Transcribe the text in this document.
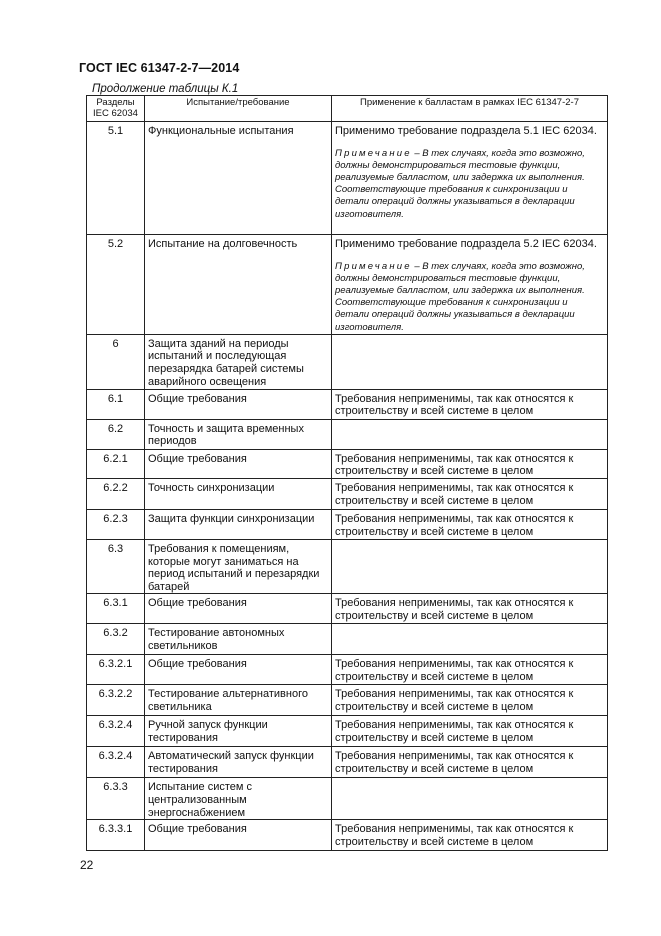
ГОСТ IEC 61347-2-7—2014
Продолжение таблицы К.1
Разделы IEC 62034	Испытание/требование	Применение к балластам в рамках IEC 61347-2-7
5.1	Функциональные испытания	Применимо требование подраздела 5.1 IEC 62034.
Примечание – В тех случаях, когда это возможно, должны демонстрироваться тестовые функции, реализуемые балластом, или задержка их выполнения. Соответствующие требования к синхронизации и детали операций должны указываться в декларации изготовителя.

5.2	Испытание на долговечность	Применимо требование подраздела 5.2 IEC 62034.
Примечание – В тех случаях, когда это возможно, должны демонстрироваться тестовые функции, реализуемые балластом, или задержка их выполнения. Соответствующие требования к синхронизации и детали операций должны указываться в декларации изготовителя.

6	Защита зданий на периоды испытаний и последующая перезарядка батарей системы аварийного освещения	
6.1	Общие требования	Требования неприменимы, так как относятся к строительству и всей системе в целом
6.2	Точность и защита временных периодов	
6.2.1	Общие требования	Требования неприменимы, так как относятся к строительству и всей системе в целом
6.2.2	Точность синхронизации	Требования неприменимы, так как относятся к строительству и всей системе в целом
6.2.3	Защита функции синхронизации	Требования неприменимы, так как относятся к строительству и всей системе в целом
6.3	Требования к помещениям, которые могут заниматься на период испытаний и перезарядки батарей	
6.3.1	Общие требования	Требования неприменимы, так как относятся к строительству и всей системе в целом
6.3.2	Тестирование автономных светильников	
6.3.2.1	Общие требования	Требования неприменимы, так как относятся к строительству и всей системе в целом
6.3.2.2	Тестирование альтернативного светильника	Требования неприменимы, так как относятся к строительству и всей системе в целом
6.3.2.4	Ручной запуск функции тестирования	Требования неприменимы, так как относятся к строительству и всей системе в целом
6.3.2.4	Автоматический запуск функции тестирования	Требования неприменимы, так как относятся к строительству и всей системе в целом
6.3.3	Испытание систем с централизованным энергоснабжением	
6.3.3.1	Общие требования	Требования неприменимы, так как относятся к строительству и всей системе в целом
22
